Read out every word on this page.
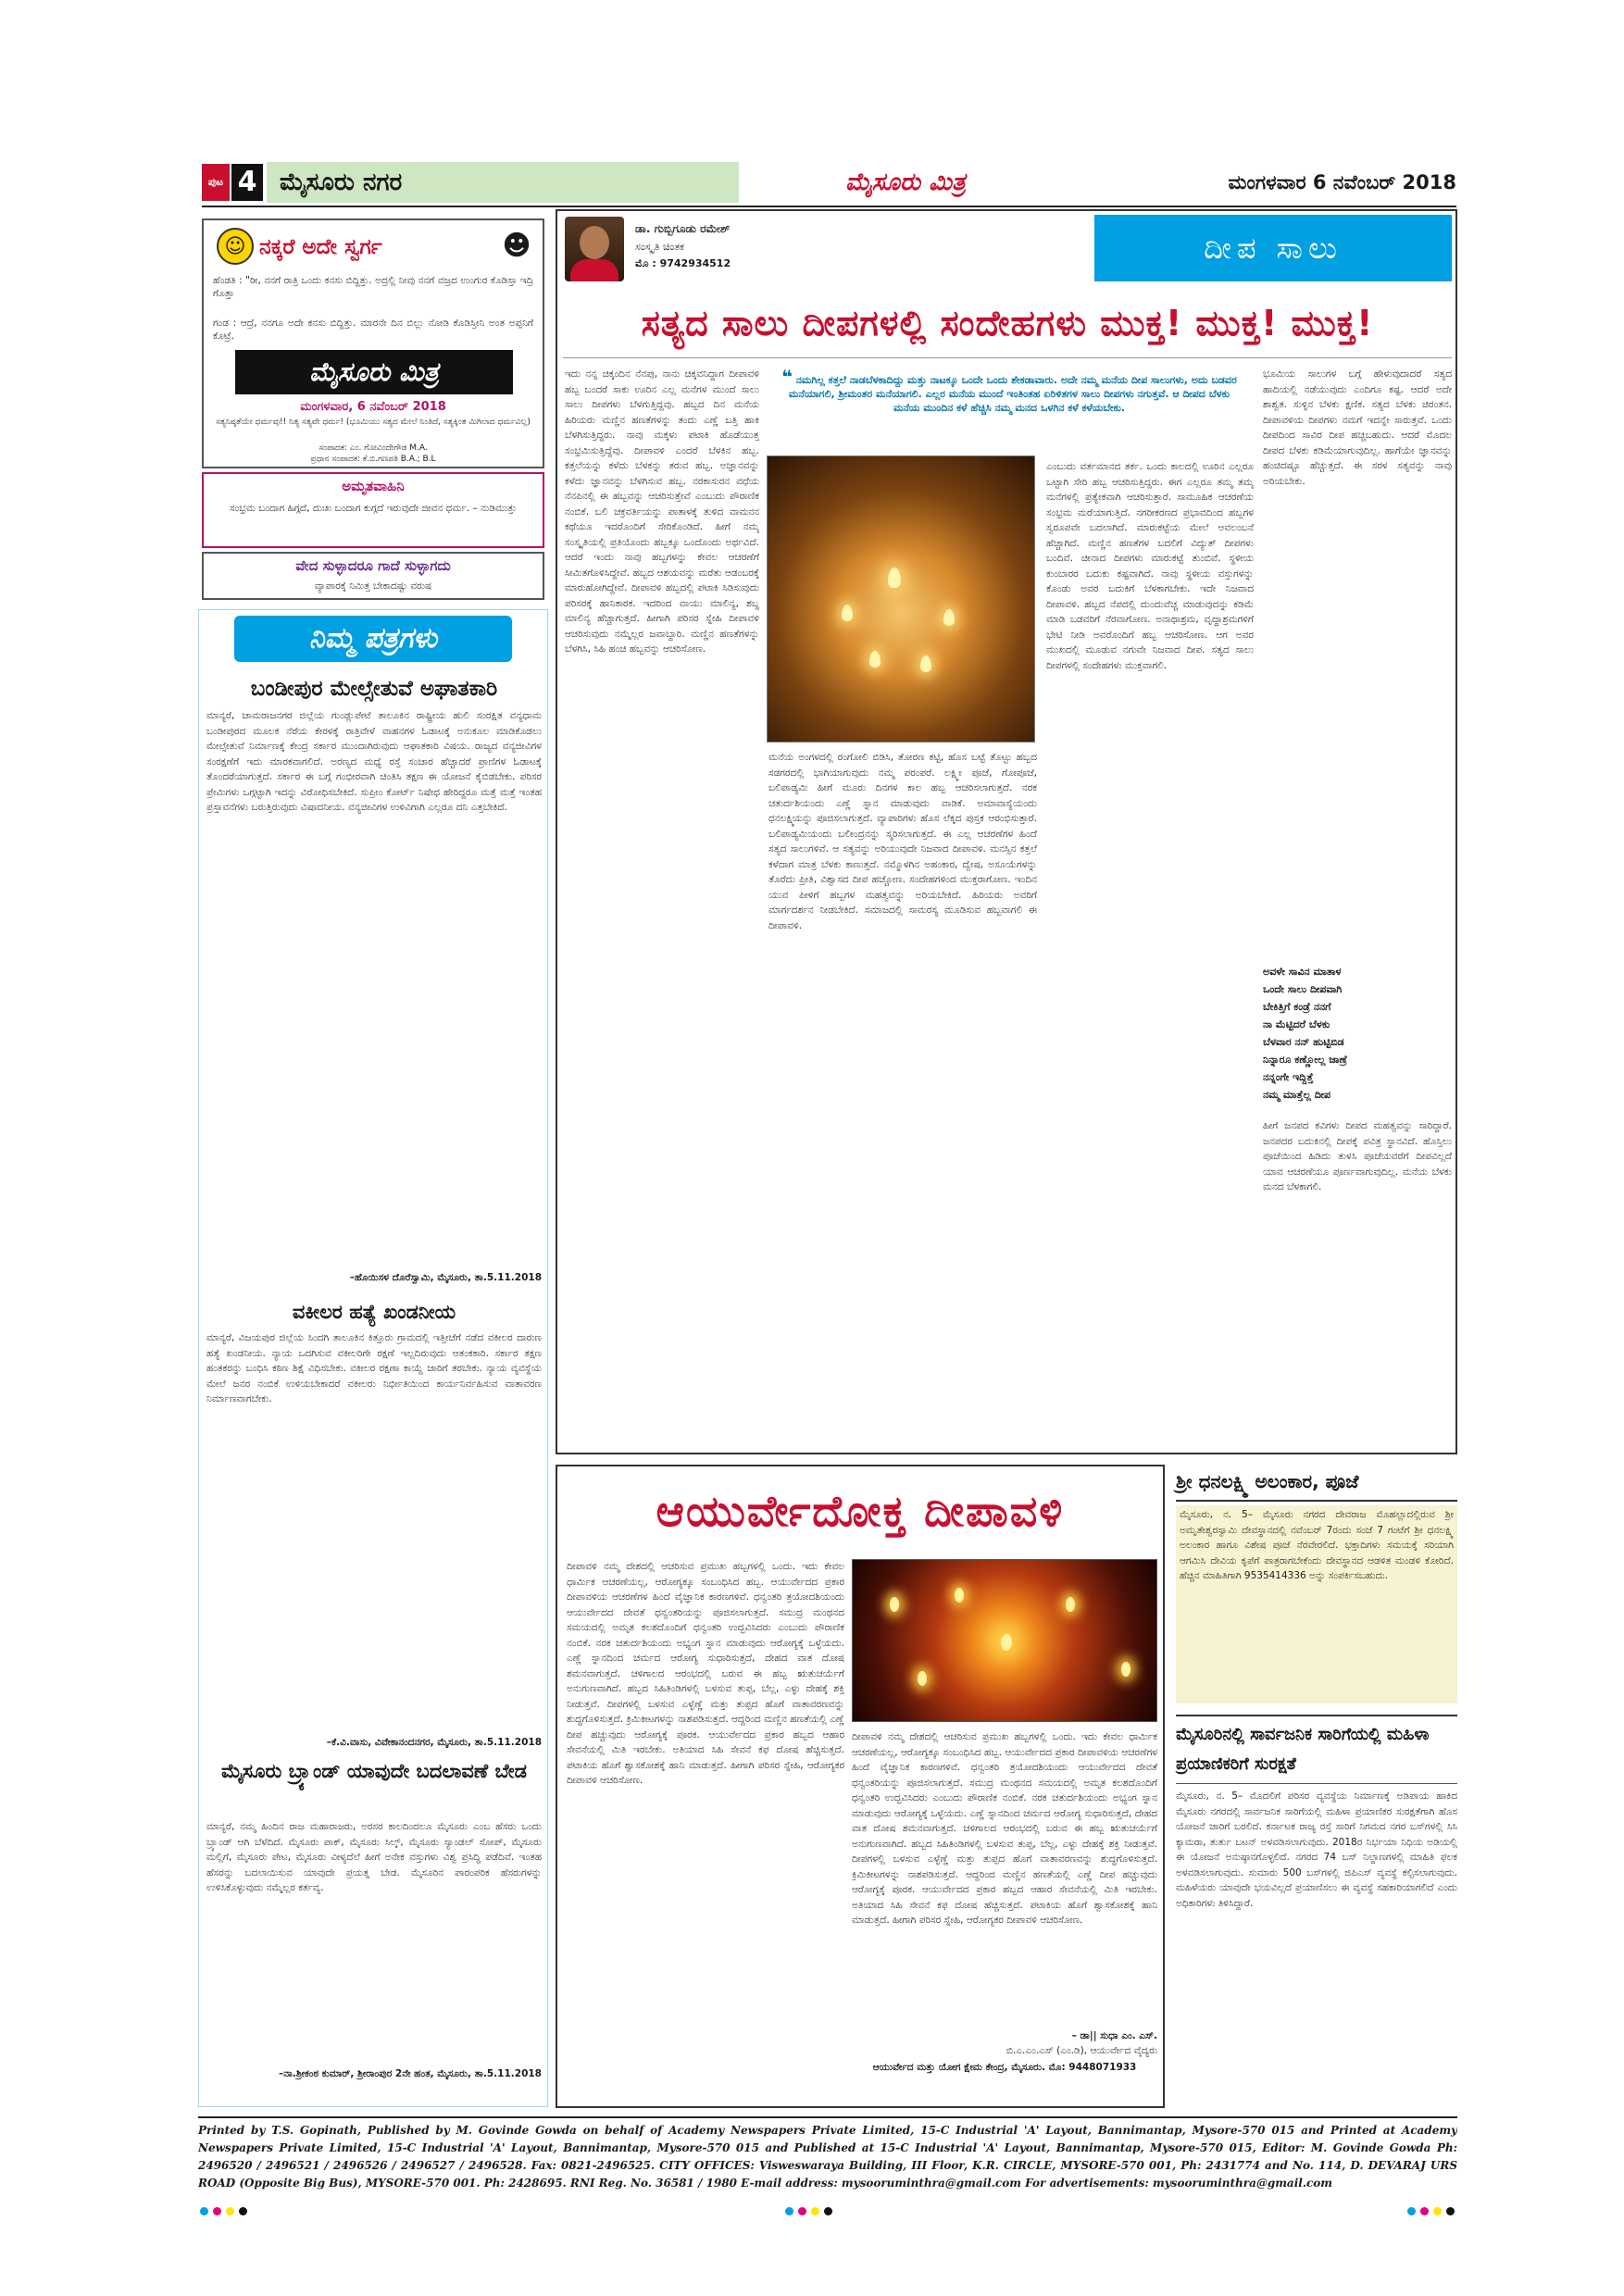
ಪುಟ 4 ಮೈಸೂರು ನಗರ	ಮೈಸೂರು ಮಿತ್ರ	ಮಂಗಳವಾರ 6 ನವೆಂಬರ್ 2018
☺ ನಕ್ಕರೆ ಅದೇ ಸ್ವರ್ಗ	☻
ಹೆಂಡತಿ : "ರೀ, ನನಗೆ ರಾತ್ರಿ ಒಂದು ಕನಸು ಬಿದ್ದಿತ್ತು. ಅದ್ರಲ್ಲಿ ನೀವು ನನಗೆ ವಜ್ರದ ಉಂಗುರ ಕೊಡಿಸ್ತಾ ಇದ್ರಿ ಗೊತ್ತಾ
ಗಂಡ : ಆದ್ರೆ, ನನಗೂ ಅದೇ ಕನಸು ಬಿದ್ದಿತ್ತು. ಮಾರನೇ ದಿನ ಬಿಲ್ಲು ನೋಡಿ ಕೊಡಿಸ್ತೀನಿ ಅಂತ ಅಪ್ಪನಿಗೆ ಕೊಟ್ರೆ.
ಮೈಸೂರು ಮಿತ್ರ
ಮಂಗಳವಾರ, 6 ನವೆಂಬರ್ 2018
ಸತ್ಯನಿಷ್ಠತೆಯೇ ಧರ್ಮವು!! ನಿತ್ಯ ಸತ್ಯವೇ ಧರ್ಮ! (ಭೂಮಿಯು ಸತ್ಯದ ಮೇಲೆ ನಿಂತಿದೆ, ಸತ್ಯಕ್ಕಿಂತ ಮಿಗಿಲಾದ ಧರ್ಮವಿಲ್ಲ)
ಸಂಪಾದಕ: ಎಂ. ಗೋವಿಂದೇಗೌಡ M.A.
ಪ್ರಧಾನ ಸಂಪಾದಕ: ಕೆ.ಬಿ.ಗಣಪತಿ B.A.; B.L
ಅಮೃತವಾಹಿನಿ
ಸಂಭ್ರಮ ಬಂದಾಗ ಹಿಗ್ಗದೆ, ದುಃಖ ಬಂದಾಗ ಕುಗ್ಗದೆ ಇರುವುದೇ ಜೀವನ ಧರ್ಮ. – ನುಡಿಮುತ್ತು
ವೇದ ಸುಳ್ಳಾದರೂ ಗಾದೆ ಸುಳ್ಳಾಗದು
ವ್ಯಾಪಾರಕ್ಕೆ ನಿಮಿತ್ತ ಬೇಕಾದಷ್ಟು ವರುಷ
ನಿಮ್ಮ ಪತ್ರಗಳು
ಬಂಡೀಪುರ ಮೇಲ್ಸೇತುವೆ ಅಘಾತಕಾರಿ
ಮಾನ್ಯರೆ, ಚಾಮರಾಜನಗರ ಜಿಲ್ಲೆಯ ಗುಂಡ್ಲುಪೇಟೆ ತಾಲೂಕಿನ ರಾಷ್ಟ್ರೀಯ ಹುಲಿ ಸಂರಕ್ಷಿತ ವನ್ಯಧಾಮ ಬಂಡೀಪುರದ ಮೂಲಕ ನೆರೆಯ ಕೇರಳಕ್ಕೆ ರಾತ್ರಿವೇಳೆ ವಾಹನಗಳ ಓಡಾಟಕ್ಕೆ ಅನುಕೂಲ ಮಾಡಿಕೊಡಲು ಮೇಲ್ಸೇತುವೆ ನಿರ್ಮಾಣಕ್ಕೆ ಕೇಂದ್ರ ಸರ್ಕಾರ ಮುಂದಾಗಿರುವುದು ಆಘಾತಕಾರಿ ವಿಷಯ. ರಾಜ್ಯದ ವನ್ಯಜೀವಿಗಳ ಸಂರಕ್ಷಣೆಗೆ ಇದು ಮಾರಕವಾಗಲಿದೆ. ಅರಣ್ಯದ ಮಧ್ಯೆ ರಸ್ತೆ ಸಂಚಾರ ಹೆಚ್ಚಾದರೆ ಪ್ರಾಣಿಗಳ ಓಡಾಟಕ್ಕೆ ತೊಂದರೆಯಾಗುತ್ತದೆ. ಸರ್ಕಾರ ಈ ಬಗ್ಗೆ ಗಂಭೀರವಾಗಿ ಚಿಂತಿಸಿ ತಕ್ಷಣ ಈ ಯೋಜನೆ ಕೈಬಿಡಬೇಕು. ಪರಿಸರ ಪ್ರೇಮಿಗಳು ಒಗ್ಗಟ್ಟಾಗಿ ಇದನ್ನು ವಿರೋಧಿಸಬೇಕಿದೆ. ಸುಪ್ರೀಂ ಕೋರ್ಟ್ ನಿಷೇಧ ಹೇರಿದ್ದರೂ ಮತ್ತೆ ಮತ್ತೆ ಇಂತಹ ಪ್ರಸ್ತಾವನೆಗಳು ಬರುತ್ತಿರುವುದು ವಿಷಾದನೀಯ. ವನ್ಯಜೀವಿಗಳ ಉಳಿವಿಗಾಗಿ ಎಲ್ಲರೂ ದನಿ ಎತ್ತಬೇಕಿದೆ.
–ಹೊಯಿಸಳ ದೊರೆಸ್ವಾಮಿ, ಮೈಸೂರು, ತಾ.5.11.2018
ವಕೀಲರ ಹತ್ಯೆ ಖಂಡನೀಯ
ಮಾನ್ಯರೆ, ವಿಜಯಪುರ ಜಿಲ್ಲೆಯ ಸಿಂದಗಿ ತಾಲೂಕಿನ ಕಿತ್ತೂರು ಗ್ರಾಮದಲ್ಲಿ ಇತ್ತೀಚೆಗೆ ನಡೆದ ವಕೀಲರ ದಾರುಣ ಹತ್ಯೆ ಖಂಡನೀಯ. ನ್ಯಾಯ ಒದಗಿಸುವ ವಕೀಲರಿಗೇ ರಕ್ಷಣೆ ಇಲ್ಲದಿರುವುದು ಆತಂಕಕಾರಿ. ಸರ್ಕಾರ ತಕ್ಷಣ ಹಂತಕರನ್ನು ಬಂಧಿಸಿ ಕಠಿಣ ಶಿಕ್ಷೆ ವಿಧಿಸಬೇಕು. ವಕೀಲರ ರಕ್ಷಣಾ ಕಾಯ್ದೆ ಜಾರಿಗೆ ತರಬೇಕು. ನ್ಯಾಯ ವ್ಯವಸ್ಥೆಯ ಮೇಲೆ ಜನರ ನಂಬಿಕೆ ಉಳಿಯಬೇಕಾದರೆ ವಕೀಲರು ನಿರ್ಭೀತಿಯಿಂದ ಕಾರ್ಯನಿರ್ವಹಿಸುವ ವಾತಾವರಣ ನಿರ್ಮಾಣವಾಗಬೇಕು.
–ಕೆ.ವಿ.ವಾಸು, ವಿವೇಕಾನಂದನಗರ, ಮೈಸೂರು, ತಾ.5.11.2018
ಮೈಸೂರು ಬ್ರ್ಯಾಂಡ್ ಯಾವುದೇ ಬದಲಾವಣೆ ಬೇಡ
ಮಾನ್ಯರೆ, ನಮ್ಮ ಹಿಂದಿನ ರಾಜ ಮಹಾರಾಜರು, ಅರಸರ ಕಾಲದಿಂದಲೂ ಮೈಸೂರು ಎಂಬ ಹೆಸರು ಒಂದು ಬ್ರ್ಯಾಂಡ್ ಆಗಿ ಬೆಳೆದಿದೆ. ಮೈಸೂರು ಪಾಕ್, ಮೈಸೂರು ಸಿಲ್ಕ್, ಮೈಸೂರು ಸ್ಯಾಂಡಲ್ ಸೋಪ್, ಮೈಸೂರು ಮಲ್ಲಿಗೆ, ಮೈಸೂರು ಪೇಟ, ಮೈಸೂರು ವೀಳ್ಯದೆಲೆ ಹೀಗೆ ಅನೇಕ ವಸ್ತುಗಳು ವಿಶ್ವ ಪ್ರಸಿದ್ಧಿ ಪಡೆದಿವೆ. ಇಂತಹ ಹೆಸರನ್ನು ಬದಲಾಯಿಸುವ ಯಾವುದೇ ಪ್ರಯತ್ನ ಬೇಡ. ಮೈಸೂರಿನ ಪಾರಂಪರಿಕ ಹೆಸರುಗಳನ್ನು ಉಳಿಸಿಕೊಳ್ಳುವುದು ನಮ್ಮೆಲ್ಲರ ಕರ್ತವ್ಯ.
–ನಾ.ಶ್ರೀಕಂಠ ಕುಮಾರ್, ಶ್ರೀರಾಂಪುರ 2ನೇ ಹಂತ, ಮೈಸೂರು, ತಾ.5.11.2018
ಡಾ. ಗುಬ್ಬಿಗೂಡು ರಮೇಶ್
ಸಂಸ್ಕೃತಿ ಚಿಂತಕ
ಮೊ : 9742934512	ದೀಪ ಸಾಲು
ಸತ್ಯದ ಸಾಲು ದೀಪಗಳಲ್ಲಿ ಸಂದೇಹಗಳು ಮುಕ್ತ! ಮುಕ್ತ! ಮುಕ್ತ!
ಇದು ನನ್ನ ಚಿಕ್ಕಂದಿನ ನೆನಪು, ನಾನು ಚಿಕ್ಕವನಿದ್ದಾಗ ದೀಪಾವಳಿ ಹಬ್ಬ ಬಂದರೆ ಸಾಕು ಊರಿನ ಎಲ್ಲ ಮನೆಗಳ ಮುಂದೆ ಸಾಲು ಸಾಲು ದೀಪಗಳು ಬೆಳಗುತ್ತಿದ್ದವು. ಹಬ್ಬದ ದಿನ ಮನೆಯ ಹಿರಿಯರು ಮಣ್ಣಿನ ಹಣತೆಗಳನ್ನು ತಂದು ಎಣ್ಣೆ ಬತ್ತಿ ಹಾಕಿ ಬೆಳಗಿಸುತ್ತಿದ್ದರು. ನಾವು ಮಕ್ಕಳು ಪಟಾಕಿ ಹೊಡೆಯುತ್ತ ಸಂಭ್ರಮಿಸುತ್ತಿದ್ದೆವು. ದೀಪಾವಳಿ ಎಂದರೆ ಬೆಳಕಿನ ಹಬ್ಬ. ಕತ್ತಲೆಯನ್ನು ಕಳೆದು ಬೆಳಕನ್ನು ತರುವ ಹಬ್ಬ. ಅಜ್ಞಾನವನ್ನು ಕಳೆದು ಜ್ಞಾನವನ್ನು ಬೆಳಗಿಸುವ ಹಬ್ಬ. ನರಕಾಸುರನ ವಧೆಯ ನೆನಪಿನಲ್ಲಿ ಈ ಹಬ್ಬವನ್ನು ಆಚರಿಸುತ್ತೇವೆ ಎಂಬುದು ಪೌರಾಣಿಕ ನಂಬಿಕೆ. ಬಲಿ ಚಕ್ರವರ್ತಿಯನ್ನು ಪಾತಾಳಕ್ಕೆ ತುಳಿದ ವಾಮನನ ಕಥೆಯೂ ಇದರೊಂದಿಗೆ ಸೇರಿಕೊಂಡಿದೆ. ಹೀಗೆ ನಮ್ಮ ಸಂಸ್ಕೃತಿಯಲ್ಲಿ ಪ್ರತಿಯೊಂದು ಹಬ್ಬಕ್ಕೂ ಒಂದೊಂದು ಅರ್ಥವಿದೆ. ಆದರೆ ಇಂದು ನಾವು ಹಬ್ಬಗಳನ್ನು ಕೇವಲ ಆಚರಣೆಗೆ ಸೀಮಿತಗೊಳಿಸಿದ್ದೇವೆ. ಹಬ್ಬದ ಆಶಯವನ್ನು ಮರೆತು ಆಡಂಬರಕ್ಕೆ ಮಾರುಹೋಗಿದ್ದೇವೆ. ದೀಪಾವಳಿ ಹಬ್ಬದಲ್ಲಿ ಪಟಾಕಿ ಸಿಡಿಸುವುದು ಪರಿಸರಕ್ಕೆ ಹಾನಿಕಾರಕ. ಇದರಿಂದ ವಾಯು ಮಾಲಿನ್ಯ, ಶಬ್ದ ಮಾಲಿನ್ಯ ಹೆಚ್ಚಾಗುತ್ತದೆ. ಹೀಗಾಗಿ ಪರಿಸರ ಸ್ನೇಹಿ ದೀಪಾವಳಿ ಆಚರಿಸುವುದು ನಮ್ಮೆಲ್ಲರ ಜವಾಬ್ದಾರಿ. ಮಣ್ಣಿನ ಹಣತೆಗಳನ್ನು ಬೆಳಗಿಸಿ, ಸಿಹಿ ಹಂಚಿ ಹಬ್ಬವನ್ನು ಆಚರಿಸೋಣ.
❝ ನಮಗಿಲ್ಲ ಕತ್ತಲೆ ನಾಡಬೆಳಕಾದಿದ್ದು ಮತ್ತು ನಾಟಕ್ಕೂ ಒಂದೇ ಒಂದು ಶೇಕಡಾವಾರು. ಅದೇ ನಮ್ಮ ಮನೆಯ ದೀಪ ಸಾಲುಗಳು, ಅದು ಬಡವರ ಮನೆಯಾಗಲಿ, ಶ್ರೀಮಂತರ ಮನೆಯಾಗಲಿ. ಎಲ್ಲರ ಮನೆಯ ಮುಂದೆ ಇಂತಿಂತಹ ಏರಿಳಿತಗಳ ಸಾಲು ದೀಪಗಳು ನಗುತ್ತವೆ. ಆ ದೀಪದ ಬೆಳಕು ಮನೆಯ ಮುಂದಿನ ಕಳೆ ಹೆಚ್ಚಿಸಿ ನಮ್ಮ ಮನದ ಒಳಗಿನ ಕಳೆ ಕಳೆಯಬೇಕು.
ಮನೆಯ ಅಂಗಳದಲ್ಲಿ ರಂಗೋಲಿ ಬಿಡಿಸಿ, ತೋರಣ ಕಟ್ಟಿ, ಹೊಸ ಬಟ್ಟೆ ತೊಟ್ಟು ಹಬ್ಬದ ಸಡಗರದಲ್ಲಿ ಭಾಗಿಯಾಗುವುದು ನಮ್ಮ ಪರಂಪರೆ. ಲಕ್ಷ್ಮೀ ಪೂಜೆ, ಗೋಪೂಜೆ, ಬಲಿಪಾಡ್ಯಮಿ ಹೀಗೆ ಮೂರು ದಿನಗಳ ಕಾಲ ಹಬ್ಬ ಆಚರಿಸಲಾಗುತ್ತದೆ. ನರಕ ಚತುರ್ದಶಿಯಂದು ಎಣ್ಣೆ ಸ್ನಾನ ಮಾಡುವುದು ವಾಡಿಕೆ. ಅಮಾವಾಸ್ಯೆಯಂದು ಧನಲಕ್ಷ್ಮಿಯನ್ನು ಪೂಜಿಸಲಾಗುತ್ತದೆ. ವ್ಯಾಪಾರಿಗಳು ಹೊಸ ಲೆಕ್ಕದ ಪುಸ್ತಕ ಆರಂಭಿಸುತ್ತಾರೆ. ಬಲಿಪಾಡ್ಯಮಿಯಂದು ಬಲೀಂದ್ರನನ್ನು ಸ್ಮರಿಸಲಾಗುತ್ತದೆ. ಈ ಎಲ್ಲ ಆಚರಣೆಗಳ ಹಿಂದೆ ಸತ್ಯದ ಸಾಲುಗಳಿವೆ. ಆ ಸತ್ಯವನ್ನು ಅರಿಯುವುದೇ ನಿಜವಾದ ದೀಪಾವಳಿ. ಮನಸ್ಸಿನ ಕತ್ತಲೆ ಕಳೆದಾಗ ಮಾತ್ರ ಬೆಳಕು ಕಾಣುತ್ತದೆ. ನಮ್ಮೊಳಗಿನ ಅಹಂಕಾರ, ದ್ವೇಷ, ಅಸೂಯೆಗಳನ್ನು ತೊರೆದು ಪ್ರೀತಿ, ವಿಶ್ವಾಸದ ದೀಪ ಹಚ್ಚೋಣ. ಸಂದೇಹಗಳಿಂದ ಮುಕ್ತರಾಗೋಣ. ಇಂದಿನ ಯುವ ಪೀಳಿಗೆ ಹಬ್ಬಗಳ ಮಹತ್ವವನ್ನು ಅರಿಯಬೇಕಿದೆ. ಹಿರಿಯರು ಅವರಿಗೆ ಮಾರ್ಗದರ್ಶನ ನೀಡಬೇಕಿದೆ. ಸಮಾಜದಲ್ಲಿ ಸಾಮರಸ್ಯ ಮೂಡಿಸುವ ಹಬ್ಬವಾಗಲಿ ಈ ದೀಪಾವಳಿ.
ಎಂಬುದು ವರ್ತಮಾನದ ತರ್ಕ. ಒಂದು ಕಾಲದಲ್ಲಿ ಊರಿನ ಎಲ್ಲರೂ ಒಟ್ಟಾಗಿ ಸೇರಿ ಹಬ್ಬ ಆಚರಿಸುತ್ತಿದ್ದರು. ಈಗ ಎಲ್ಲರೂ ತಮ್ಮ ತಮ್ಮ ಮನೆಗಳಲ್ಲಿ ಪ್ರತ್ಯೇಕವಾಗಿ ಆಚರಿಸುತ್ತಾರೆ. ಸಾಮೂಹಿಕ ಆಚರಣೆಯ ಸಂಭ್ರಮ ಮರೆಯಾಗುತ್ತಿದೆ. ನಗರೀಕರಣದ ಪ್ರಭಾವದಿಂದ ಹಬ್ಬಗಳ ಸ್ವರೂಪವೇ ಬದಲಾಗಿದೆ. ಮಾರುಕಟ್ಟೆಯ ಮೇಲೆ ಅವಲಂಬನೆ ಹೆಚ್ಚಾಗಿದೆ. ಮಣ್ಣಿನ ಹಣತೆಗಳ ಬದಲಿಗೆ ವಿದ್ಯುತ್ ದೀಪಗಳು ಬಂದಿವೆ. ಚೀನಾದ ದೀಪಗಳು ಮಾರುಕಟ್ಟೆ ತುಂಬಿವೆ. ಸ್ಥಳೀಯ ಕುಂಬಾರರ ಬದುಕು ಕಷ್ಟವಾಗಿದೆ. ನಾವು ಸ್ಥಳೀಯ ವಸ್ತುಗಳನ್ನು ಕೊಂಡು ಅವರ ಬದುಕಿಗೆ ಬೆಳಕಾಗಬೇಕು. ಇದೇ ನಿಜವಾದ ದೀಪಾವಳಿ. ಹಬ್ಬದ ನೆಪದಲ್ಲಿ ದುಂದುವೆಚ್ಚ ಮಾಡುವುದನ್ನು ಕಡಿಮೆ ಮಾಡಿ ಬಡವರಿಗೆ ನೆರವಾಗೋಣ. ಅನಾಥಾಶ್ರಮ, ವೃದ್ಧಾಶ್ರಮಗಳಿಗೆ ಭೇಟಿ ನೀಡಿ ಅವರೊಂದಿಗೆ ಹಬ್ಬ ಆಚರಿಸೋಣ. ಆಗ ಅವರ ಮುಖದಲ್ಲಿ ಮೂಡುವ ನಗುವೇ ನಿಜವಾದ ದೀಪ. ಸತ್ಯದ ಸಾಲು ದೀಪಗಳಲ್ಲಿ ಸಂದೇಹಗಳು ಮುಕ್ತವಾಗಲಿ.
ಭೂಮಿಯ ಸಾಲುಗಳ ಬಗ್ಗೆ ಹೇಳುವುದಾದರೆ ಸತ್ಯದ ಹಾದಿಯಲ್ಲಿ ನಡೆಯುವುದು ಎಂದಿಗೂ ಕಷ್ಟ. ಆದರೆ ಅದೇ ಶಾಶ್ವತ. ಸುಳ್ಳಿನ ಬೆಳಕು ಕ್ಷಣಿಕ. ಸತ್ಯದ ಬೆಳಕು ಚಿರಂತನ. ದೀಪಾವಳಿಯ ದೀಪಗಳು ನಮಗೆ ಇದನ್ನೇ ಸಾರುತ್ತವೆ. ಒಂದು ದೀಪದಿಂದ ಸಾವಿರ ದೀಪ ಹಚ್ಚಬಹುದು. ಆದರೆ ಮೊದಲ ದೀಪದ ಬೆಳಕು ಕಡಿಮೆಯಾಗುವುದಿಲ್ಲ. ಹಾಗೆಯೇ ಜ್ಞಾನವನ್ನು ಹಂಚಿದಷ್ಟೂ ಹೆಚ್ಚುತ್ತದೆ. ಈ ಸರಳ ಸತ್ಯವನ್ನು ನಾವು ಅರಿಯಬೇಕು.
ಅವಳೇ ಸಾವಿನ ಮಾತಾಳ
ಒಂದೇ ಸಾಲು ದೀಪವಾಗಿ
ಬೇಕಿತ್ತಿಗೆ ಕಂಡ್ರೆ ನನಗೆ
ನಾ ಮೆಟ್ಟಿದರೆ ಬೆಳಕು
ಬೆಳವಾರ ನನ್ ಹುಟ್ಟಿಬಿಡ
ನಿನ್ನಾರೂ ಕಣ್ಣೋಲ್ಲ ಜಾಣ್ರೆ
ನನ್ನಂಗೇ ಇದ್ದಿತ್ತೆ
ನಮ್ಮ ಮಾತ್ತೆಲ್ಲ ದೀಪ
ಹೀಗೆ ಜನಪದ ಕವಿಗಳು ದೀಪದ ಮಹತ್ವವನ್ನು ಸಾರಿದ್ದಾರೆ. ಜನಪದರ ಬದುಕಿನಲ್ಲಿ ದೀಪಕ್ಕೆ ಪವಿತ್ರ ಸ್ಥಾನವಿದೆ. ಹೊಸ್ತಿಲು ಪೂಜೆಯಿಂದ ಹಿಡಿದು ತುಳಸಿ ಪೂಜೆಯವರೆಗೆ ದೀಪವಿಲ್ಲದೆ ಯಾವ ಆಚರಣೆಯೂ ಪೂರ್ಣವಾಗುವುದಿಲ್ಲ. ಮನೆಯ ಬೆಳಕು ಮನದ ಬೆಳಕಾಗಲಿ.
ಆಯುರ್ವೇದೋಕ್ತ ದೀಪಾವಳಿ
ದೀಪಾವಳಿ ನಮ್ಮ ದೇಶದಲ್ಲಿ ಆಚರಿಸುವ ಪ್ರಮುಖ ಹಬ್ಬಗಳಲ್ಲಿ ಒಂದು. ಇದು ಕೇವಲ ಧಾರ್ಮಿಕ ಆಚರಣೆಯಲ್ಲ, ಆರೋಗ್ಯಕ್ಕೂ ಸಂಬಂಧಿಸಿದ ಹಬ್ಬ. ಆಯುರ್ವೇದದ ಪ್ರಕಾರ ದೀಪಾವಳಿಯ ಆಚರಣೆಗಳ ಹಿಂದೆ ವೈಜ್ಞಾನಿಕ ಕಾರಣಗಳಿವೆ. ಧನ್ವಂತರಿ ತ್ರಯೋದಶಿಯಂದು ಆಯುರ್ವೇದದ ದೇವತೆ ಧನ್ವಂತರಿಯನ್ನು ಪೂಜಿಸಲಾಗುತ್ತದೆ. ಸಮುದ್ರ ಮಂಥನದ ಸಮಯದಲ್ಲಿ ಅಮೃತ ಕಲಶದೊಂದಿಗೆ ಧನ್ವಂತರಿ ಉದ್ಭವಿಸಿದರು ಎಂಬುದು ಪೌರಾಣಿಕ ನಂಬಿಕೆ. ನರಕ ಚತುರ್ದಶಿಯಂದು ಅಭ್ಯಂಗ ಸ್ನಾನ ಮಾಡುವುದು ಆರೋಗ್ಯಕ್ಕೆ ಒಳ್ಳೆಯದು. ಎಣ್ಣೆ ಸ್ನಾನದಿಂದ ಚರ್ಮದ ಆರೋಗ್ಯ ಸುಧಾರಿಸುತ್ತದೆ, ದೇಹದ ವಾತ ದೋಷ ಶಮನವಾಗುತ್ತದೆ. ಚಳಿಗಾಲದ ಆರಂಭದಲ್ಲಿ ಬರುವ ಈ ಹಬ್ಬ ಋತುಚರ್ಯೆಗೆ ಅನುಗುಣವಾಗಿದೆ. ಹಬ್ಬದ ಸಿಹಿತಿಂಡಿಗಳಲ್ಲಿ ಬಳಸುವ ತುಪ್ಪ, ಬೆಲ್ಲ, ಎಳ್ಳು ದೇಹಕ್ಕೆ ಶಕ್ತಿ ನೀಡುತ್ತವೆ. ದೀಪಗಳಲ್ಲಿ ಬಳಸುವ ಎಳ್ಳೆಣ್ಣೆ ಮತ್ತು ತುಪ್ಪದ ಹೊಗೆ ವಾತಾವರಣವನ್ನು ಶುದ್ಧಗೊಳಿಸುತ್ತದೆ. ಕ್ರಿಮಿಕೀಟಗಳನ್ನು ನಾಶಪಡಿಸುತ್ತದೆ. ಆದ್ದರಿಂದ ಮಣ್ಣಿನ ಹಣತೆಯಲ್ಲಿ ಎಣ್ಣೆ ದೀಪ ಹಚ್ಚುವುದು ಆರೋಗ್ಯಕ್ಕೆ ಪೂರಕ. ಆಯುರ್ವೇದದ ಪ್ರಕಾರ ಹಬ್ಬದ ಆಹಾರ ಸೇವನೆಯಲ್ಲಿ ಮಿತಿ ಇರಬೇಕು. ಅತಿಯಾದ ಸಿಹಿ ಸೇವನೆ ಕಫ ದೋಷ ಹೆಚ್ಚಿಸುತ್ತದೆ. ಪಟಾಕಿಯ ಹೊಗೆ ಶ್ವಾಸಕೋಶಕ್ಕೆ ಹಾನಿ ಮಾಡುತ್ತದೆ. ಹೀಗಾಗಿ ಪರಿಸರ ಸ್ನೇಹಿ, ಆರೋಗ್ಯಕರ ದೀಪಾವಳಿ ಆಚರಿಸೋಣ.
ದೀಪಾವಳಿ ನಮ್ಮ ದೇಶದಲ್ಲಿ ಆಚರಿಸುವ ಪ್ರಮುಖ ಹಬ್ಬಗಳಲ್ಲಿ ಒಂದು. ಇದು ಕೇವಲ ಧಾರ್ಮಿಕ ಆಚರಣೆಯಲ್ಲ, ಆರೋಗ್ಯಕ್ಕೂ ಸಂಬಂಧಿಸಿದ ಹಬ್ಬ. ಆಯುರ್ವೇದದ ಪ್ರಕಾರ ದೀಪಾವಳಿಯ ಆಚರಣೆಗಳ ಹಿಂದೆ ವೈಜ್ಞಾನಿಕ ಕಾರಣಗಳಿವೆ. ಧನ್ವಂತರಿ ತ್ರಯೋದಶಿಯಂದು ಆಯುರ್ವೇದದ ದೇವತೆ ಧನ್ವಂತರಿಯನ್ನು ಪೂಜಿಸಲಾಗುತ್ತದೆ. ಸಮುದ್ರ ಮಂಥನದ ಸಮಯದಲ್ಲಿ ಅಮೃತ ಕಲಶದೊಂದಿಗೆ ಧನ್ವಂತರಿ ಉದ್ಭವಿಸಿದರು ಎಂಬುದು ಪೌರಾಣಿಕ ನಂಬಿಕೆ. ನರಕ ಚತುರ್ದಶಿಯಂದು ಅಭ್ಯಂಗ ಸ್ನಾನ ಮಾಡುವುದು ಆರೋಗ್ಯಕ್ಕೆ ಒಳ್ಳೆಯದು. ಎಣ್ಣೆ ಸ್ನಾನದಿಂದ ಚರ್ಮದ ಆರೋಗ್ಯ ಸುಧಾರಿಸುತ್ತದೆ, ದೇಹದ ವಾತ ದೋಷ ಶಮನವಾಗುತ್ತದೆ. ಚಳಿಗಾಲದ ಆರಂಭದಲ್ಲಿ ಬರುವ ಈ ಹಬ್ಬ ಋತುಚರ್ಯೆಗೆ ಅನುಗುಣವಾಗಿದೆ. ಹಬ್ಬದ ಸಿಹಿತಿಂಡಿಗಳಲ್ಲಿ ಬಳಸುವ ತುಪ್ಪ, ಬೆಲ್ಲ, ಎಳ್ಳು ದೇಹಕ್ಕೆ ಶಕ್ತಿ ನೀಡುತ್ತವೆ. ದೀಪಗಳಲ್ಲಿ ಬಳಸುವ ಎಳ್ಳೆಣ್ಣೆ ಮತ್ತು ತುಪ್ಪದ ಹೊಗೆ ವಾತಾವರಣವನ್ನು ಶುದ್ಧಗೊಳಿಸುತ್ತದೆ. ಕ್ರಿಮಿಕೀಟಗಳನ್ನು ನಾಶಪಡಿಸುತ್ತದೆ. ಆದ್ದರಿಂದ ಮಣ್ಣಿನ ಹಣತೆಯಲ್ಲಿ ಎಣ್ಣೆ ದೀಪ ಹಚ್ಚುವುದು ಆರೋಗ್ಯಕ್ಕೆ ಪೂರಕ. ಆಯುರ್ವೇದದ ಪ್ರಕಾರ ಹಬ್ಬದ ಆಹಾರ ಸೇವನೆಯಲ್ಲಿ ಮಿತಿ ಇರಬೇಕು. ಅತಿಯಾದ ಸಿಹಿ ಸೇವನೆ ಕಫ ದೋಷ ಹೆಚ್ಚಿಸುತ್ತದೆ. ಪಟಾಕಿಯ ಹೊಗೆ ಶ್ವಾಸಕೋಶಕ್ಕೆ ಹಾನಿ ಮಾಡುತ್ತದೆ. ಹೀಗಾಗಿ ಪರಿಸರ ಸ್ನೇಹಿ, ಆರೋಗ್ಯಕರ ದೀಪಾವಳಿ ಆಚರಿಸೋಣ.
– ಡಾ|| ಸುಧಾ ಎಂ. ಎಸ್.
ಬಿ.ಎ.ಎಂ.ಎಸ್ (ಎಂ.ಡಿ), ಆಯುರ್ವೇದ ವೈದ್ಯರು
ಆಯುರ್ವೇದ ಮತ್ತು ಯೋಗ ಕ್ಷೇಮ ಕೇಂದ್ರ, ಮೈಸೂರು. ಮೊ: 9448071933
ಶ್ರೀ ಧನಲಕ್ಷ್ಮಿ ಅಲಂಕಾರ, ಪೂಜೆ
ಮೈಸೂರು, ನ. 5– ಮೈಸೂರು ನಗರದ ದೇವರಾಜ ಮೊಹಲ್ಲಾದಲ್ಲಿರುವ ಶ್ರೀ ಅಮೃತೇಶ್ವರಸ್ವಾಮಿ ದೇವಸ್ಥಾನದಲ್ಲಿ ನವೆಂಬರ್ 7ರಂದು ಸಂಜೆ 7 ಗಂಟೆಗೆ ಶ್ರೀ ಧನಲಕ್ಷ್ಮಿ ಅಲಂಕಾರ ಹಾಗೂ ವಿಶೇಷ ಪೂಜೆ ನೆರವೇರಲಿದೆ. ಭಕ್ತಾದಿಗಳು ಸಮಯಕ್ಕೆ ಸರಿಯಾಗಿ ಆಗಮಿಸಿ ದೇವಿಯ ಕೃಪೆಗೆ ಪಾತ್ರರಾಗಬೇಕೆಂದು ದೇವಸ್ಥಾನದ ಆಡಳಿತ ಮಂಡಳಿ ಕೋರಿದೆ. ಹೆಚ್ಚಿನ ಮಾಹಿತಿಗಾಗಿ 9535414336 ಅನ್ನು ಸಂಪರ್ಕಿಸಬಹುದು.
ಮೈಸೂರಿನಲ್ಲಿ ಸಾರ್ವಜನಿಕ ಸಾರಿಗೆಯಲ್ಲಿ ಮಹಿಳಾ ಪ್ರಯಾಣಿಕರಿಗೆ ಸುರಕ್ಷತೆ
ಮೈಸೂರು, ನ. 5– ಮೊದಲಿಗೆ ಪರಿಸರ ವ್ಯವಸ್ಥೆಯ ನಿರ್ಮಾಣಕ್ಕೆ ಅಡಿಪಾಯ ಹಾಕಿದ ಮೈಸೂರು ನಗರದಲ್ಲಿ ಸಾರ್ವಜನಿಕ ಸಾರಿಗೆಯಲ್ಲಿ ಮಹಿಳಾ ಪ್ರಯಾಣಿಕರ ಸುರಕ್ಷತೆಗಾಗಿ ಹೊಸ ಯೋಜನೆ ಜಾರಿಗೆ ಬರಲಿದೆ. ಕರ್ನಾಟಕ ರಾಜ್ಯ ರಸ್ತೆ ಸಾರಿಗೆ ನಿಗಮದ ನಗರ ಬಸ್‌ಗಳಲ್ಲಿ ಸಿಸಿ ಕ್ಯಾಮರಾ, ತುರ್ತು ಬಟನ್ ಅಳವಡಿಸಲಾಗುವುದು. 2018ರ ನಿರ್ಭಯಾ ನಿಧಿಯ ಅಡಿಯಲ್ಲಿ ಈ ಯೋಜನೆ ಅನುಷ್ಠಾನಗೊಳ್ಳಲಿದೆ. ನಗರದ 74 ಬಸ್ ನಿಲ್ದಾಣಗಳಲ್ಲಿ ಮಾಹಿತಿ ಫಲಕ ಅಳವಡಿಸಲಾಗುವುದು. ಸುಮಾರು 500 ಬಸ್‌ಗಳಲ್ಲಿ ಜಿಪಿಎಸ್ ವ್ಯವಸ್ಥೆ ಕಲ್ಪಿಸಲಾಗುವುದು. ಮಹಿಳೆಯರು ಯಾವುದೇ ಭಯವಿಲ್ಲದೆ ಪ್ರಯಾಣಿಸಲು ಈ ವ್ಯವಸ್ಥೆ ಸಹಕಾರಿಯಾಗಲಿದೆ ಎಂದು ಅಧಿಕಾರಿಗಳು ತಿಳಿಸಿದ್ದಾರೆ.
Printed by T.S. Gopinath, Published by M. Govinde Gowda on behalf of Academy Newspapers Private Limited, 15-C Industrial 'A' Layout, Bannimantap, Mysore-570 015 and Printed at Academy Newspapers Private Limited, 15-C Industrial 'A' Layout, Bannimantap, Mysore-570 015 and Published at 15-C Industrial 'A' Layout, Bannimantap, Mysore-570 015, Editor: M. Govinde Gowda Ph: 2496520 / 2496521 / 2496526 / 2496527 / 2496528. Fax: 0821-2496525. CITY OFFICES: Visweswaraya Building, III Floor, K.R. CIRCLE, MYSORE-570 001, Ph: 2431774 and No. 114, D. DEVARAJ URS ROAD (Opposite Big Bus), MYSORE-570 001. Ph: 2428695. RNI Reg. No. 36581 / 1980 E-mail address: mysooruminthra@gmail.com For advertisements: mysooruminthra@gmail.com
